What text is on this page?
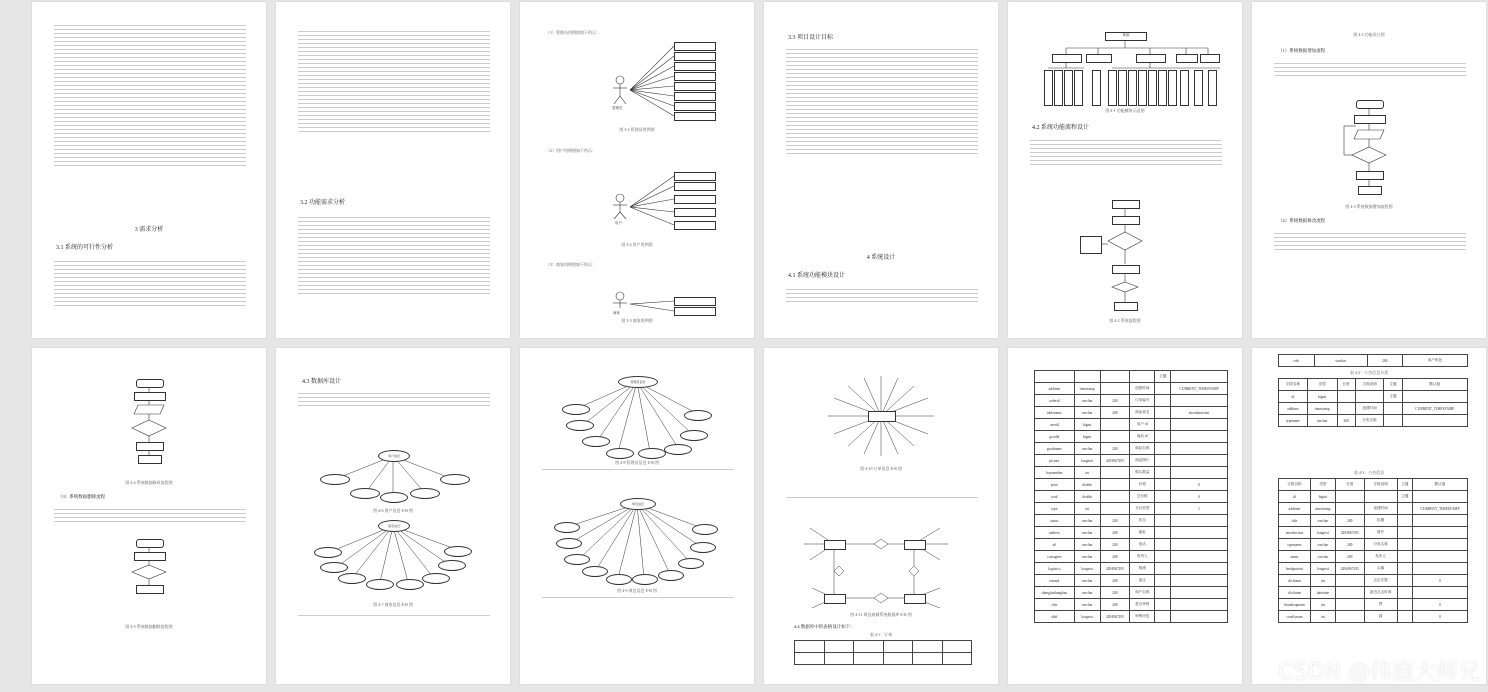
3 需求分析
3.1 系统的可行性分析
3.2 功能需求分析
（1）管理员用例图如下所示：
管理员
图 3-1 管理员用例图
（2）用户用例图如下所示：
用户
图 3-2 用户用例图
（3）商家用例图如下所示：
商家
图 3-3 商家用例图
3.3 项目设计目标
4 系统设计
4.1 系统功能模块设计
系统
图 4-1 功能模块示意图
4.2 系统功能流程设计
图 4-2 系统流程图
图 4-2 功能设计图
（1）系统数据增加流程
图 4-3 系统数据增加流程图
（2）系统数据修改流程
图 4-4 系统数据修改流程图
（3）系统数据删除流程
图 4-5 系统数据删除流程图
4.3 数据库设计
用户信息
图 4-6 用户信息 E-R 图
商家信息
图 4-7 商家信息 E-R 图
管理员信息
图 4-8 管理员信息 E-R 图
周边信息
图 4-9 周边信息 E-R 图
图 4-10 订单信息 E-R 图
图 4-11 周边商城系统数据库 E-R 图
4.4 数据库中的表格设计如下：
表 4-1：订单

				主键	
addtime	timestamp		创建时间		CURRENT_TIMESTAMP
orderid	varchar	200	订单编号		
tablename	varchar	200	商品表名		zhoubianxinxi
userid	bigint		用户 id		
goodid	bigint		商品 id		
goodname	varchar	200	商品名称		
picture	longtext	4294967295	商品图片		
buynumber	int		购买数量		
price	double		价格		0
total	double		总价格		0
type	int		支付类型		1
status	varchar	200	状态		
address	varchar	200	地址		
tel	varchar	200	电话		
consignee	varchar	200	收货人		
logistics	longtext	4294967295	物流		
remark	varchar	200	备注		
shangjiazhanghao	varchar	200	商户名称		
sfsh	varchar	200	是否审核		
shhf	longtext	4294967295	审核回复		
role	varchar	200	用户角色
表 4-2：公告信息分类
字段名称	类型	长度	字段说明	主键	默认值
id	bigint			主键	
addtime	timestamp		创建时间		CURRENT_TIMESTAMP
typename	varchar	200	分类名称		
表 4-3：公告信息
字段名称	类型	长度	字段说明	主键	默认值
id	bigint			主键	
addtime	timestamp		创建时间		CURRENT_TIMESTAMP
title	varchar	200	标题		
introduction	longtext	4294967295	简介		
typename	varchar	200	分类名称		
name	varchar	200	发布人		
headportrait	longtext	4294967295	头像		
clicknum	int		点击次数		0
clicktime	datetime		最近点击时间		
thumbsupnum	int		赞		0
crazilynum	int		踩		0
CSDN @伟庭大师兄
